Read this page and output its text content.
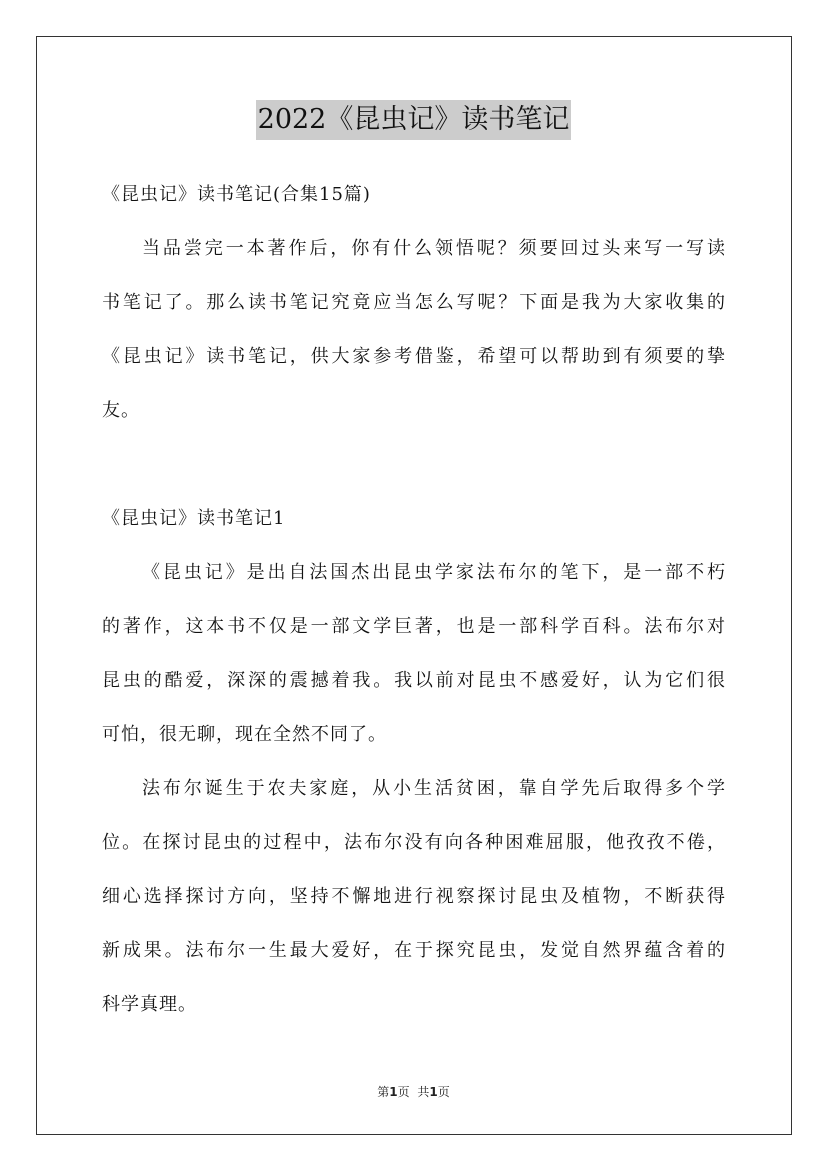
2022《昆虫记》读书笔记
《昆虫记》读书笔记(合集15篇)
当品尝完一本著作后，你有什么领悟呢？须要回过头来写一写读
书笔记了。那么读书笔记究竟应当怎么写呢？下面是我为大家收集的
《昆虫记》读书笔记，供大家参考借鉴，希望可以帮助到有须要的挚
友。
《昆虫记》读书笔记1
《昆虫记》是出自法国杰出昆虫学家法布尔的笔下，是一部不朽
的著作，这本书不仅是一部文学巨著，也是一部科学百科。法布尔对
昆虫的酷爱，深深的震撼着我。我以前对昆虫不感爱好，认为它们很
可怕，很无聊，现在全然不同了。
法布尔诞生于农夫家庭，从小生活贫困，靠自学先后取得多个学
位。在探讨昆虫的过程中，法布尔没有向各种困难屈服，他孜孜不倦，
细心选择探讨方向，坚持不懈地进行视察探讨昆虫及植物，不断获得
新成果。法布尔一生最大爱好，在于探究昆虫，发觉自然界蕴含着的
科学真理。
第1页 共1页
